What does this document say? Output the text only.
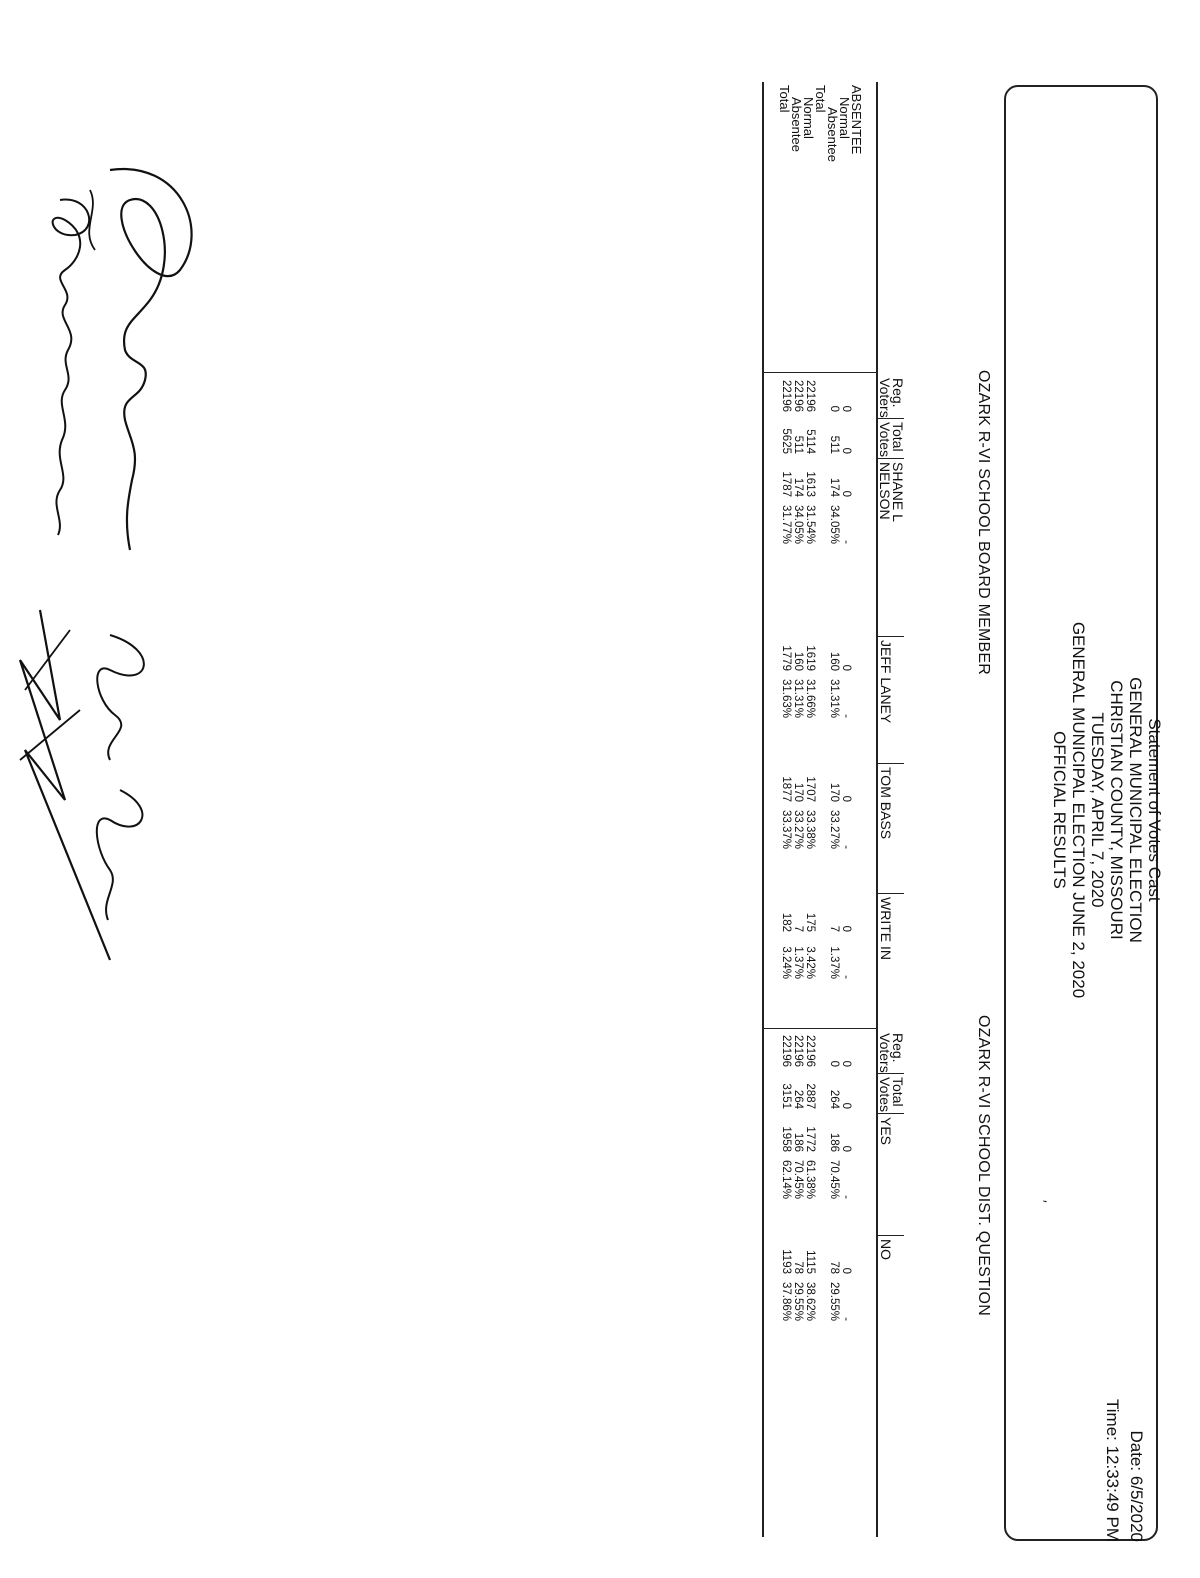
Statement of Votes Cast
GENERAL MUNICIPAL ELECTION
CHRISTIAN COUNTY, MISSOURI
TUESDAY, APRIL 7, 2020
GENERAL MUNICIPAL ELECTION JUNE 2, 2020
OFFICIAL RESULTS
Date: 6/5/2020
Time: 12:33:49 PM
′
OZARK R-VI SCHOOL BOARD MEMBER
OZARK R-VI SCHOOL DIST. QUESTION
ABSENTEE
Normal
Absentee
Total
Normal
Absentee
Total
Reg.
Voters
Total
Votes
SHANE L
NELSON
JEFF LANEY
TOM BASS
WRITE IN
Reg.
Voters
Total
Votes
YES
NO
0
0
0
-
0
-
0
-
0
-
0
511
174
34.05%
160
31.31%
170
33.27%
7
1.37%
22196
5114
1613
31.54%
1619
31.66%
1707
33.38%
175
3.42%
22196
511
174
34.05%
160
31.31%
170
33.27%
7
1.37%
22196
5625
1787
31.77%
1779
31.63%
1877
33.37%
182
3.24%
0
0
0
-
0
-
0
264
186
70.45%
78
29.55%
22196
2887
1772
61.38%
1115
38.62%
22196
264
186
70.45%
78
29.55%
22196
3151
1958
62.14%
1193
37.86%
